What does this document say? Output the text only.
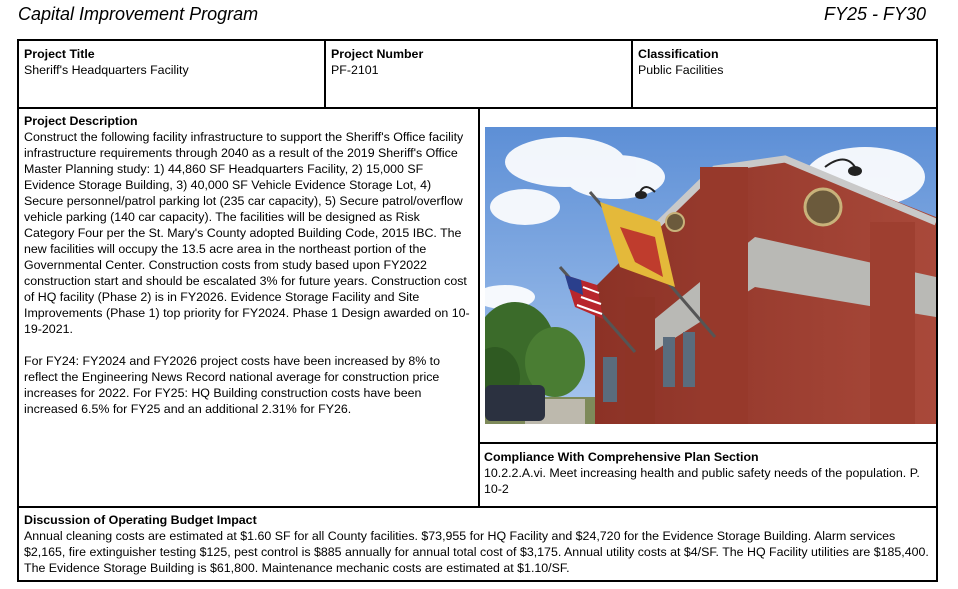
Capital Improvement Program	FY25 - FY30
Project Title
Sheriff's Headquarters Facility
Project Number
PF-2101
Classification
Public Facilities
Project Description

Construct the following facility infrastructure to support the Sheriff's Office facility infrastructure requirements through 2040 as a result of the 2019 Sheriff's Office Master Planning study: 1) 44,860 SF Headquarters Facility, 2) 15,000 SF Evidence Storage Building, 3) 40,000 SF Vehicle Evidence Storage Lot, 4) Secure personnel/patrol parking lot (235 car capacity), 5) Secure patrol/overflow vehicle parking (140 car capacity). The facilities will be designed as Risk Category Four per the St. Mary's County adopted Building Code, 2015 IBC. The new facilities will occupy the 13.5 acre area in the northeast portion of the Governmental Center. Construction costs from study based upon FY2022 construction start and should be escalated 3% for future years. Construction cost of HQ facility (Phase 2) is in FY2026. Evidence Storage Facility and Site Improvements (Phase 1) top priority for FY2024. Phase 1 Design awarded on 10-19-2021.

For FY24: FY2024 and FY2026 project costs have been increased by 8% to reflect the Engineering News Record national average for construction price increases for 2022. For FY25: HQ Building construction costs have been increased 6.5% for FY25 and an additional 2.31% for FY26.

Compliance With Comprehensive Plan Section
10.2.2.A.vi. Meet increasing health and public safety needs of the population. P. 10-2
Discussion of Operating Budget Impact
Annual cleaning costs are estimated at $1.60 SF for all County facilities. $73,955 for HQ Facility and $24,720 for the Evidence Storage Building. Alarm services $2,165, fire extinguisher testing $125, pest control is $885 annually for annual total cost of $3,175. Annual utility costs at $4/SF. The HQ Facility utilities are $185,400. The Evidence Storage Building is $61,800. Maintenance mechanic costs are estimated at $1.10/SF.
